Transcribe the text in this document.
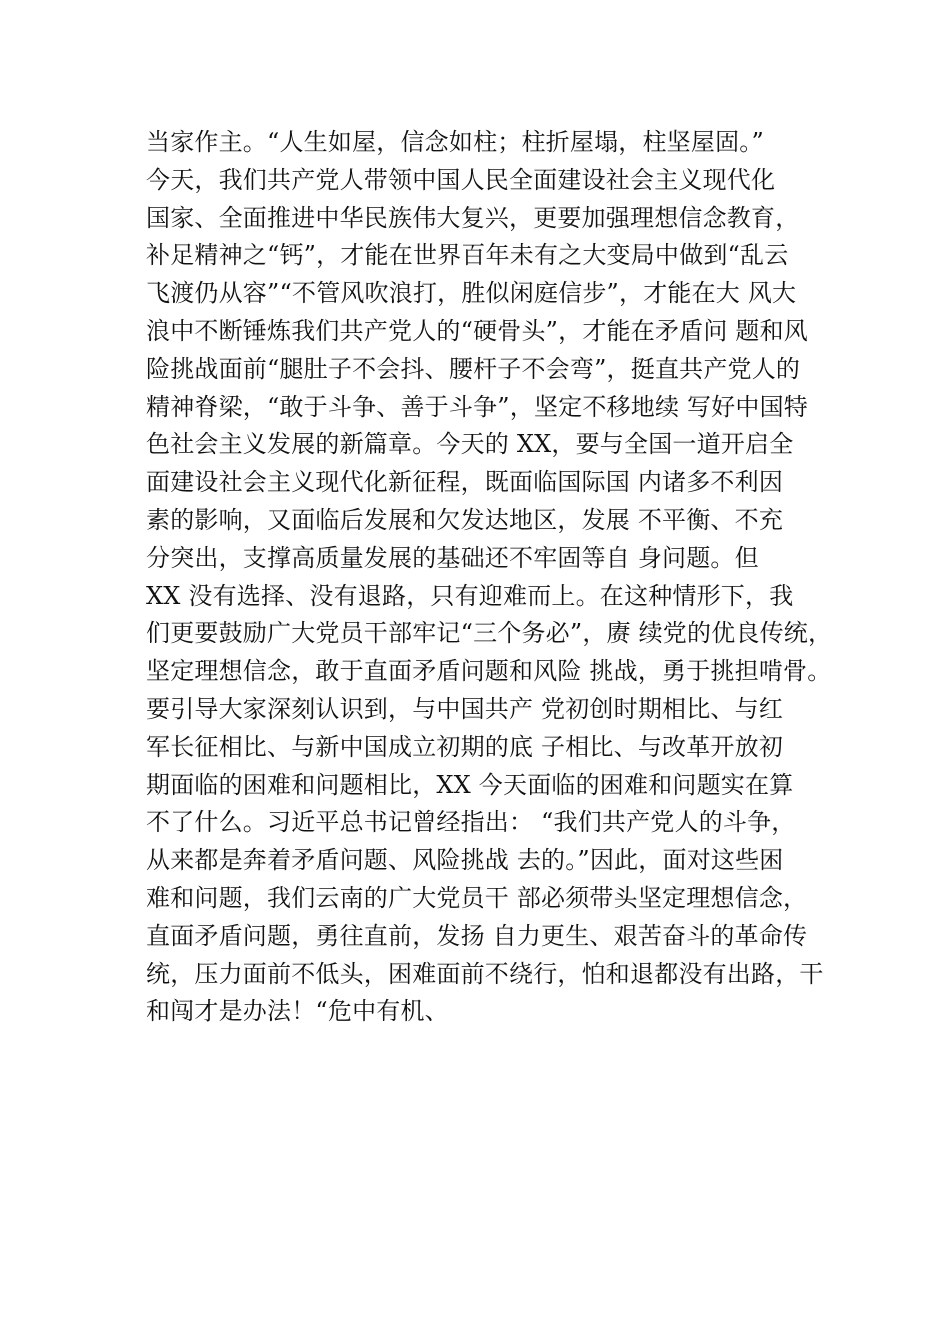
当家作主。“人生如屋，信念如柱；柱折屋塌，柱坚屋固。”
今天，我们共产党人带领中国人民全面建设社会主义现代化
国家、全面推进中华民族伟大复兴，更要加强理想信念教育，
补足精神之“钙”，才能在世界百年未有之大变局中做到“乱云
飞渡仍从容”“不管风吹浪打，胜似闲庭信步”，才能在大 风大
浪中不断锤炼我们共产党人的“硬骨头”，才能在矛盾问 题和风
险挑战面前“腿肚子不会抖、腰杆子不会弯”，挺直共产党人的
精神脊梁，“敢于斗争、善于斗争”，坚定不移地续 写好中国特
色社会主义发展的新篇章。今天的 XX，要与全国一道开启全
面建设社会主义现代化新征程，既面临国际国 内诸多不利因
素的影响，又面临后发展和欠发达地区，发展 不平衡、不充
分突出，支撑高质量发展的基础还不牢固等自 身问题。但
XX 没有选择、没有退路，只有迎难而上。在这种情形下，我
们更要鼓励广大党员干部牢记“三个务必”，赓 续党的优良传统，
坚定理想信念，敢于直面矛盾问题和风险 挑战，勇于挑担啃骨。
要引导大家深刻认识到，与中国共产 党初创时期相比、与红
军长征相比、与新中国成立初期的底 子相比、与改革开放初
期面临的困难和问题相比，XX 今天面临的困难和问题实在算
不了什么。习近平总书记曾经指出： “我们共产党人的斗争，
从来都是奔着矛盾问题、风险挑战 去的。”因此，面对这些困
难和问题，我们云南的广大党员干 部必须带头坚定理想信念，
直面矛盾问题，勇往直前，发扬 自力更生、艰苦奋斗的革命传
统，压力面前不低头，困难面前不绕行，怕和退都没有出路，干
和闯才是办法！“危中有机、
